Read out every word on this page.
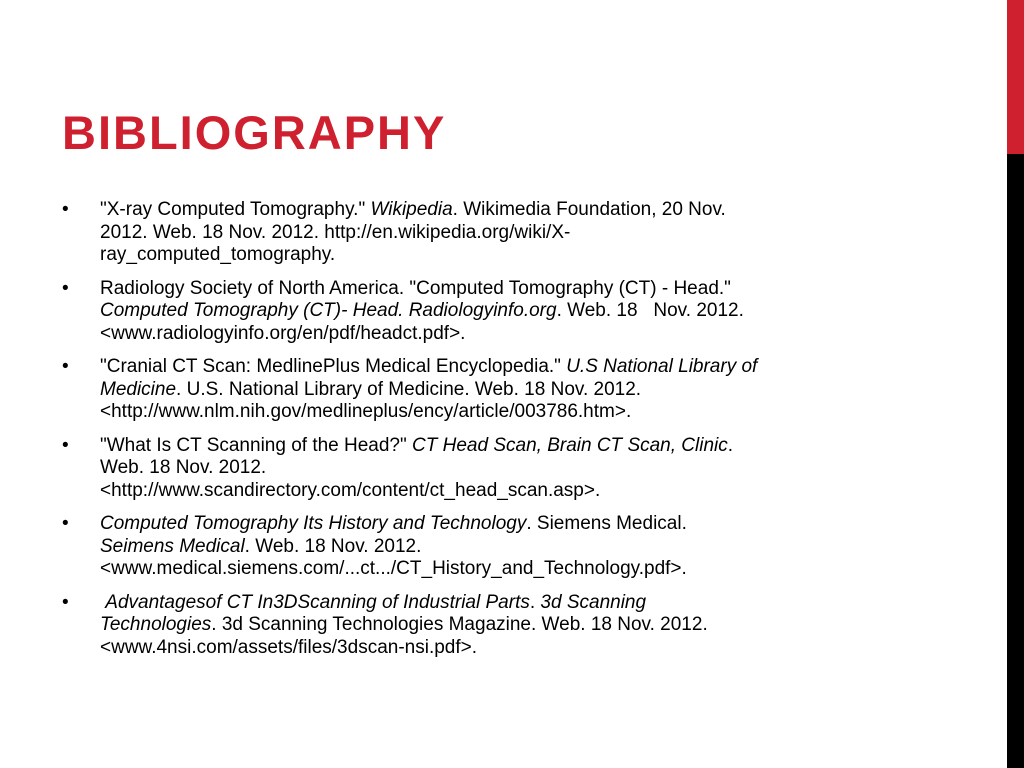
BIBLIOGRAPHY
• "X-ray Computed Tomography." Wikipedia. Wikimedia Foundation, 20 Nov.
2012. Web. 18 Nov. 2012. http://en.wikipedia.org/wiki/X-
ray_computed_tomography.
• Radiology Society of North America. "Computed Tomography (CT) - Head."
Computed Tomography (CT)- Head. Radiologyinfo.org. Web. 18   Nov. 2012.
<www.radiologyinfo.org/en/pdf/headct.pdf>.
• "Cranial CT Scan: MedlinePlus Medical Encyclopedia." U.S National Library of
Medicine. U.S. National Library of Medicine. Web. 18 Nov. 2012.
<http://www.nlm.nih.gov/medlineplus/ency/article/003786.htm>.
• "What Is CT Scanning of the Head?" CT Head Scan, Brain CT Scan, Clinic.
Web. 18 Nov. 2012.
<http://www.scandirectory.com/content/ct_head_scan.asp>.
• Computed Tomography Its History and Technology. Siemens Medical.
Seimens Medical. Web. 18 Nov. 2012.
<www.medical.siemens.com/...ct.../CT_History_and_Technology.pdf>.
• Advantagesof CT In3DScanning of Industrial Parts. 3d Scanning
Technologies. 3d Scanning Technologies Magazine. Web. 18 Nov. 2012.
<www.4nsi.com/assets/files/3dscan-nsi.pdf>.
